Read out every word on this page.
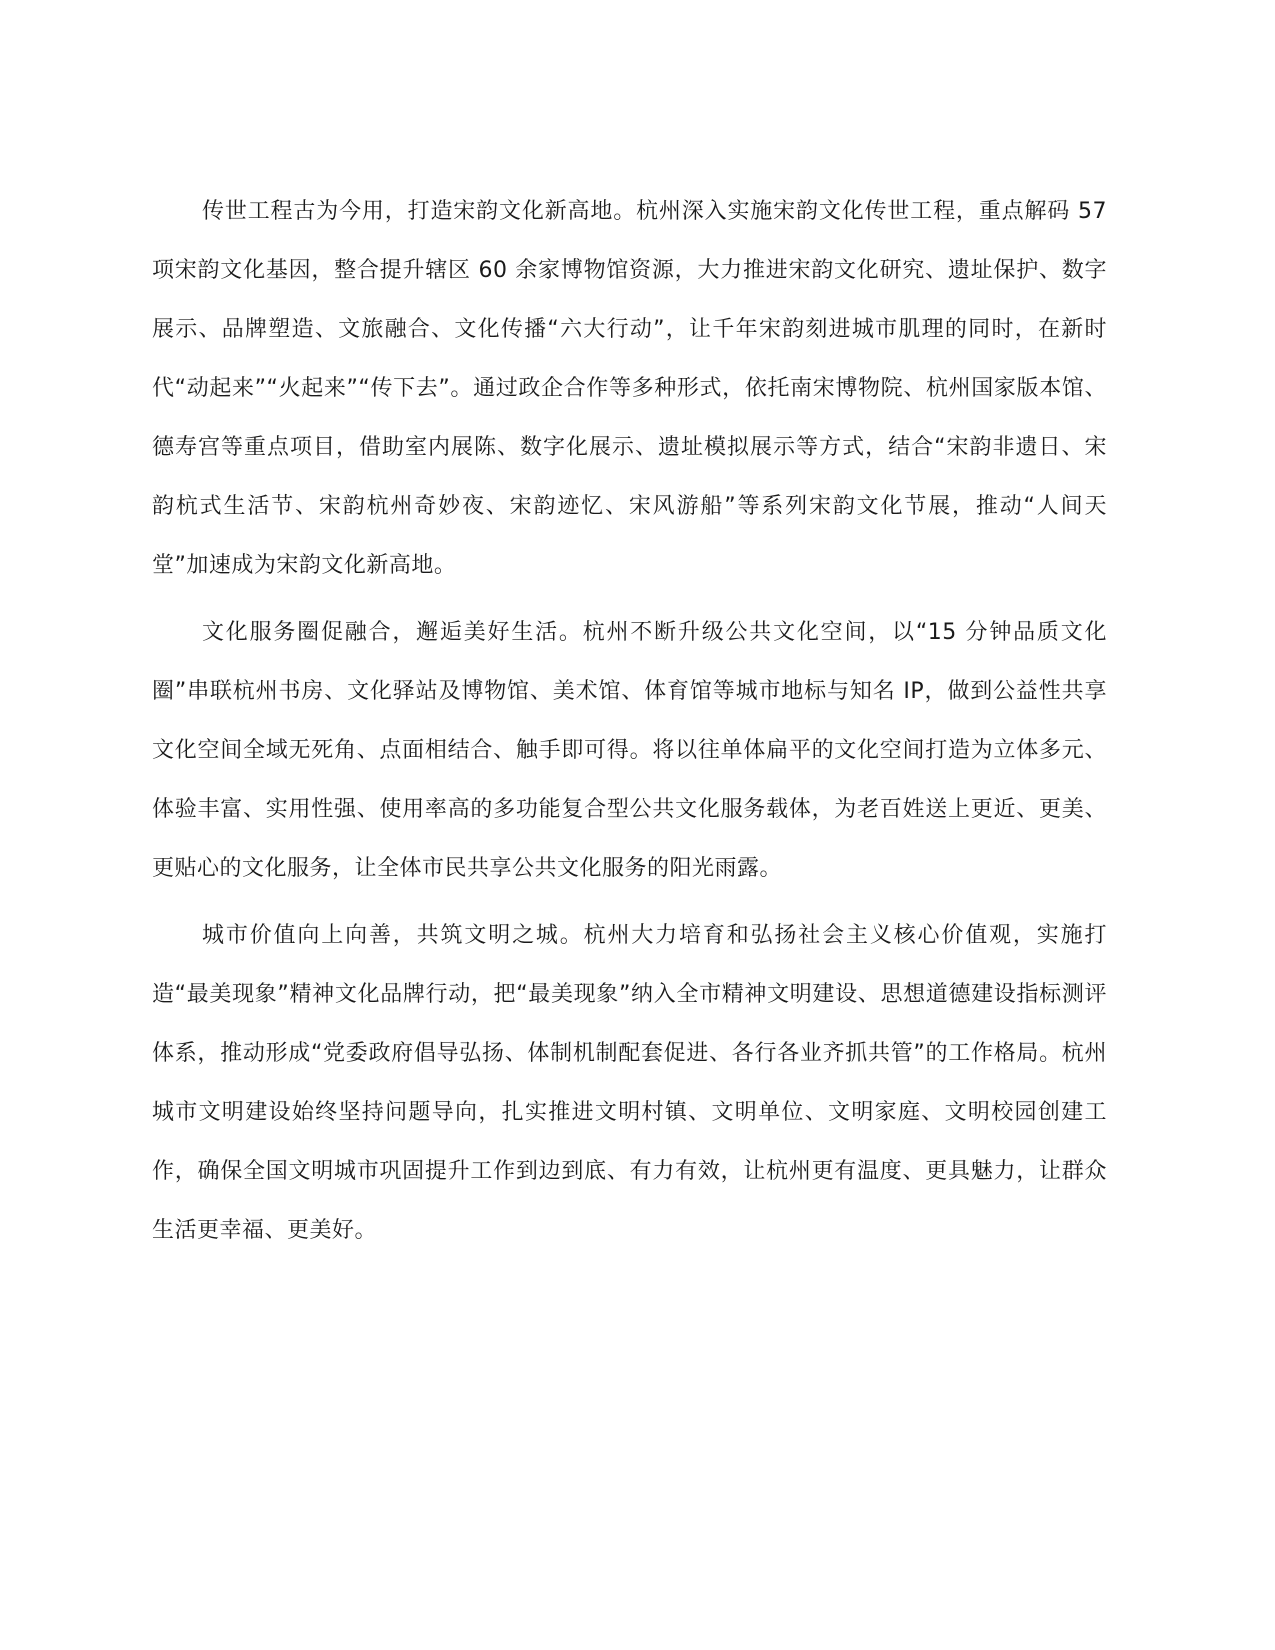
传世工程古为今用，打造宋韵文化新高地。杭州深入实施宋韵文化传世工程，重点解码 57 项宋韵文化基因，整合提升辖区 60 余家博物馆资源，大力推进宋韵文化研究、遗址保护、数字展示、品牌塑造、文旅融合、文化传播“六大行动”，让千年宋韵刻进城市肌理的同时，在新时代“动起来”“火起来”“传下去”。通过政企合作等多种形式，依托南宋博物院、杭州国家版本馆、德寿宫等重点项目，借助室内展陈、数字化展示、遗址模拟展示等方式，结合“宋韵非遗日、宋韵杭式生活节、宋韵杭州奇妙夜、宋韵迹忆、宋风游船”等系列宋韵文化节展，推动“人间天堂”加速成为宋韵文化新高地。

文化服务圈促融合，邂逅美好生活。杭州不断升级公共文化空间，以“15 分钟品质文化圈”串联杭州书房、文化驿站及博物馆、美术馆、体育馆等城市地标与知名 IP，做到公益性共享文化空间全域无死角、点面相结合、触手即可得。将以往单体扁平的文化空间打造为立体多元、体验丰富、实用性强、使用率高的多功能复合型公共文化服务载体，为老百姓送上更近、更美、更贴心的文化服务，让全体市民共享公共文化服务的阳光雨露。

城市价值向上向善，共筑文明之城。杭州大力培育和弘扬社会主义核心价值观，实施打造“最美现象”精神文化品牌行动，把“最美现象”纳入全市精神文明建设、思想道德建设指标测评体系，推动形成“党委政府倡导弘扬、体制机制配套促进、各行各业齐抓共管”的工作格局。杭州城市文明建设始终坚持问题导向，扎实推进文明村镇、文明单位、文明家庭、文明校园创建工作，确保全国文明城市巩固提升工作到边到底、有力有效，让杭州更有温度、更具魅力，让群众生活更幸福、更美好。
